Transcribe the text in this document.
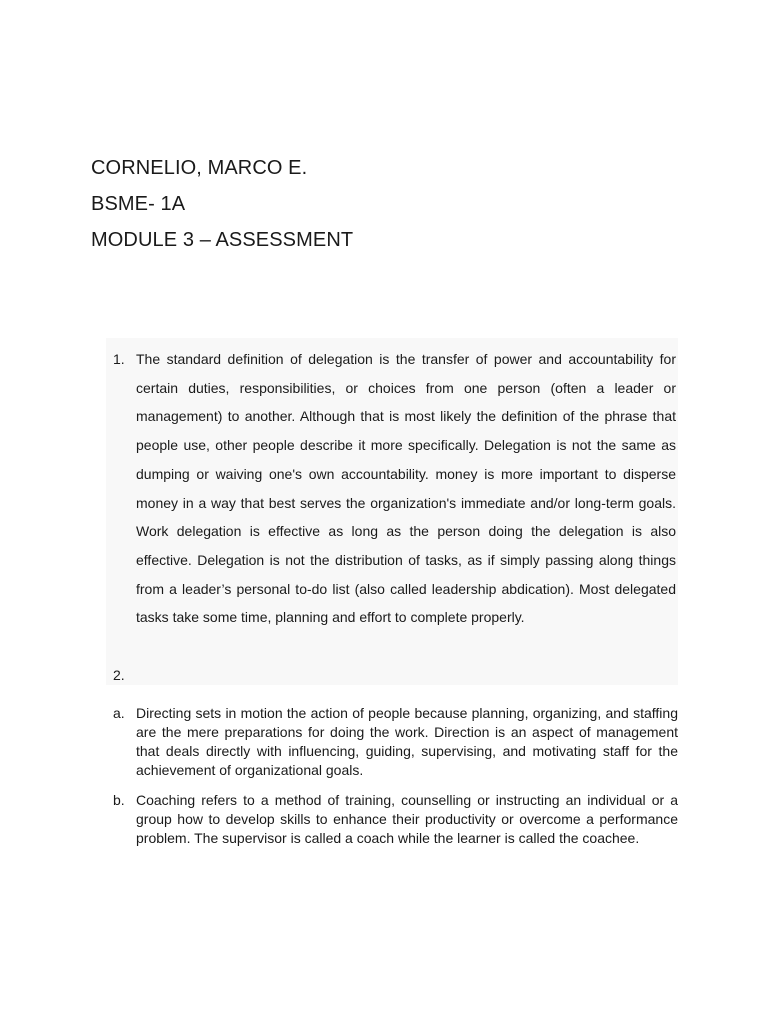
CORNELIO, MARCO E.
BSME- 1A
MODULE 3 – ASSESSMENT
1. The standard definition of delegation is the transfer of power and accountability for certain duties, responsibilities, or choices from one person (often a leader or management) to another. Although that is most likely the definition of the phrase that people use, other people describe it more specifically. Delegation is not the same as dumping or waiving one's own accountability. money is more important to disperse money in a way that best serves the organization's immediate and/or long-term goals. Work delegation is effective as long as the person doing the delegation is also effective. Delegation is not the distribution of tasks, as if simply passing along things from a leader’s personal to-do list (also called leadership abdication). Most delegated tasks take some time, planning and effort to complete properly.
2.
a. Directing sets in motion the action of people because planning, organizing, and staffing are the mere preparations for doing the work. Direction is an aspect of management that deals directly with influencing, guiding, supervising, and motivating staff for the achievement of organizational goals.
b. Coaching refers to a method of training, counselling or instructing an individual or a group how to develop skills to enhance their productivity or overcome a performance problem. The supervisor is called a coach while the learner is called the coachee.
